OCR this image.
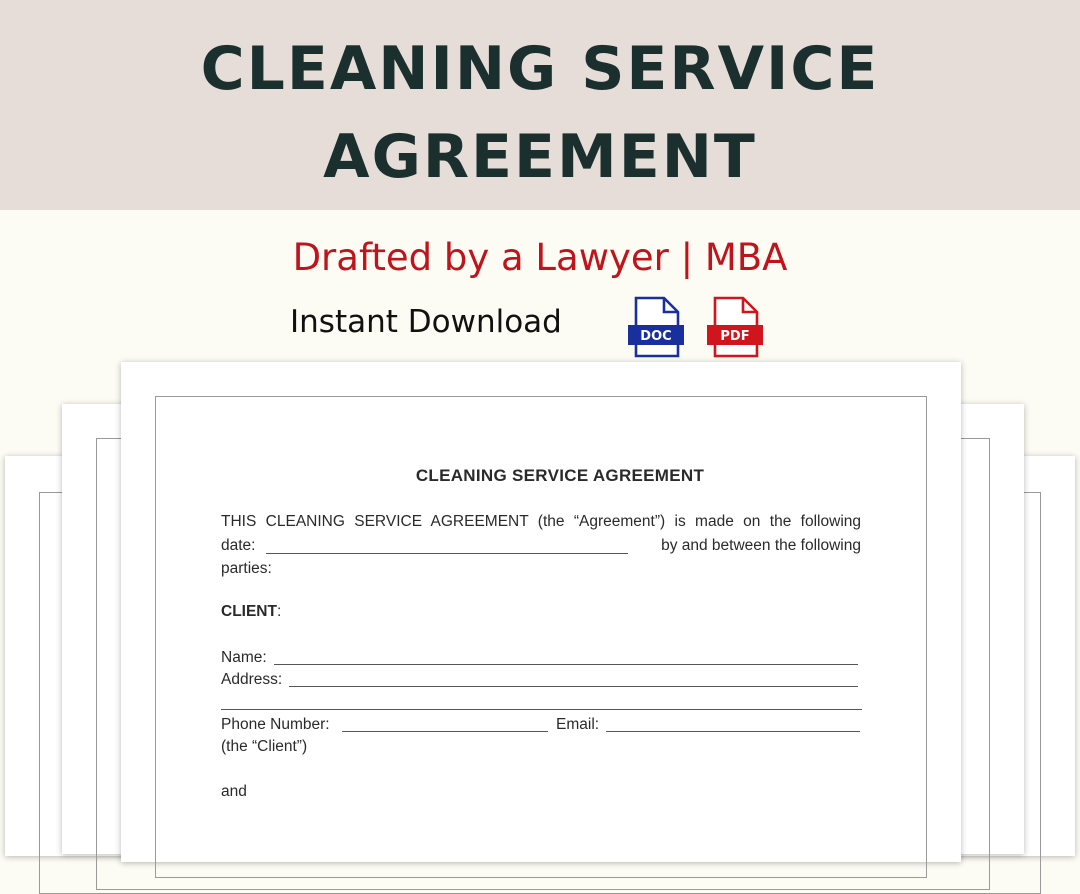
CLEANING SERVICE
AGREEMENT
Drafted by a Lawyer | MBA
Instant Download	DOC	PDF
CLEANING SERVICE AGREEMENT
THIS CLEANING SERVICE AGREEMENT (the “Agreement”) is made on the following
date:	by and between the following
parties:
CLIENT:
Name:
Address:
Phone Number:	Email:
(the “Client”)
and
